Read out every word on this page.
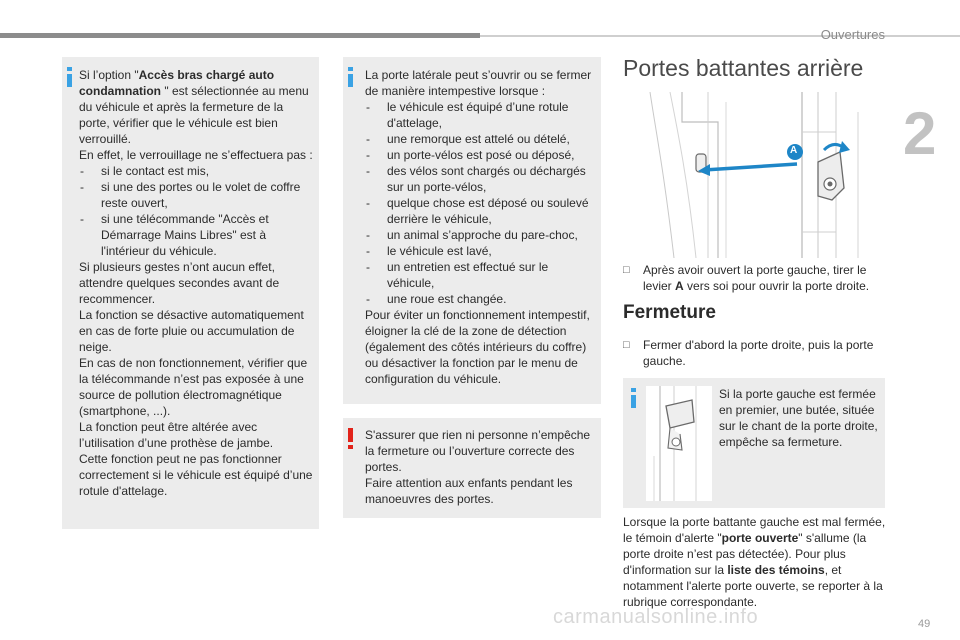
Ouvertures
2

Si l’option "Accès bras chargé auto condamnation " est sélectionnée au menu du véhicule et après la fermeture de la porte, vérifier que le véhicule est bien verrouillé.

En effet, le verrouillage ne s’effectuera pas :

- si le contact est mis,
- si une des portes ou le volet de coffre reste ouvert,
- si une télécommande "Accès et Démarrage Mains Libres" est à l'intérieur du véhicule.

Si plusieurs gestes n’ont aucun effet, attendre quelques secondes avant de recommencer.

La fonction se désactive automatiquement en cas de forte pluie ou accumulation de neige.

En cas de non fonctionnement, vérifier que la télécommande n’est pas exposée à une source de pollution électromagnétique (smartphone, ...).

La fonction peut être altérée avec l’utilisation d’une prothèse de jambe.

Cette fonction peut ne pas fonctionner correctement si le véhicule est équipé d’une rotule d'attelage.

La porte latérale peut s’ouvrir ou se fermer de manière intempestive lorsque :

- le véhicule est équipé d’une rotule d'attelage,
- une remorque est attelé ou dételé,
- un porte-vélos est posé ou déposé,
- des vélos sont chargés ou déchargés sur un porte-vélos,
- quelque chose est déposé ou soulevé derrière le véhicule,
- un animal s’approche du pare-choc,
- le véhicule est lavé,
- un entretien est effectué sur le véhicule,
- une roue est changée.

Pour éviter un fonctionnement intempestif, éloigner la clé de la zone de détection (également des côtés intérieurs du coffre) ou désactiver la fonction par le menu de configuration du véhicule.

S'assurer que rien ni personne n’empêche la fermeture ou l’ouverture correcte des portes.

Faire attention aux enfants pendant les manoeuvres des portes.

Portes battantes arrière
A
□ Après avoir ouvert la porte gauche, tirer le levier A vers soi pour ouvrir la porte droite.
Fermeture
□ Fermer d'abord la porte droite, puis la porte gauche.
Si la porte gauche est fermée en premier, une butée, située sur le chant de la porte droite, empêche sa fermeture.
Lorsque la porte battante gauche est mal fermée, le témoin d'alerte "porte ouverte" s'allume (la porte droite n’est pas détectée). Pour plus d'information sur la liste des témoins, et notamment l'alerte porte ouverte, se reporter à la rubrique correspondante.
carmanualsonline.info	49
